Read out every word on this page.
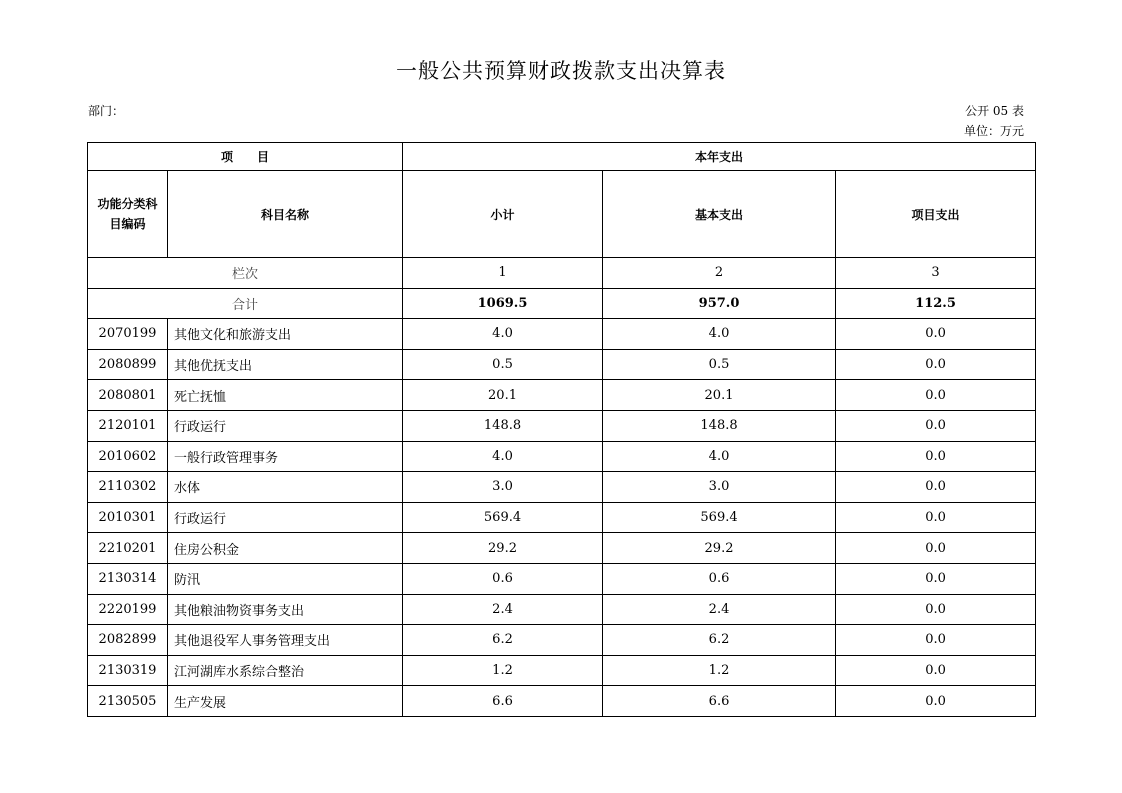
一般公共预算财政拨款支出决算表
部门：	公开 05 表
单位：万元
项　　目		本年支出		
功能分类科目编码	科目名称	小计	基本支出	项目支出
栏次		1	2	3
合计		1069.5	957.0	112.5
2070199	其他文化和旅游支出	4.0	4.0	0.0
2080899	其他优抚支出	0.5	0.5	0.0
2080801	死亡抚恤	20.1	20.1	0.0
2120101	行政运行	148.8	148.8	0.0
2010602	一般行政管理事务	4.0	4.0	0.0
2110302	水体	3.0	3.0	0.0
2010301	行政运行	569.4	569.4	0.0
2210201	住房公积金	29.2	29.2	0.0
2130314	防汛	0.6	0.6	0.0
2220199	其他粮油物资事务支出	2.4	2.4	0.0
2082899	其他退役军人事务管理支出	6.2	6.2	0.0
2130319	江河湖库水系综合整治	1.2	1.2	0.0
2130505	生产发展	6.6	6.6	0.0
